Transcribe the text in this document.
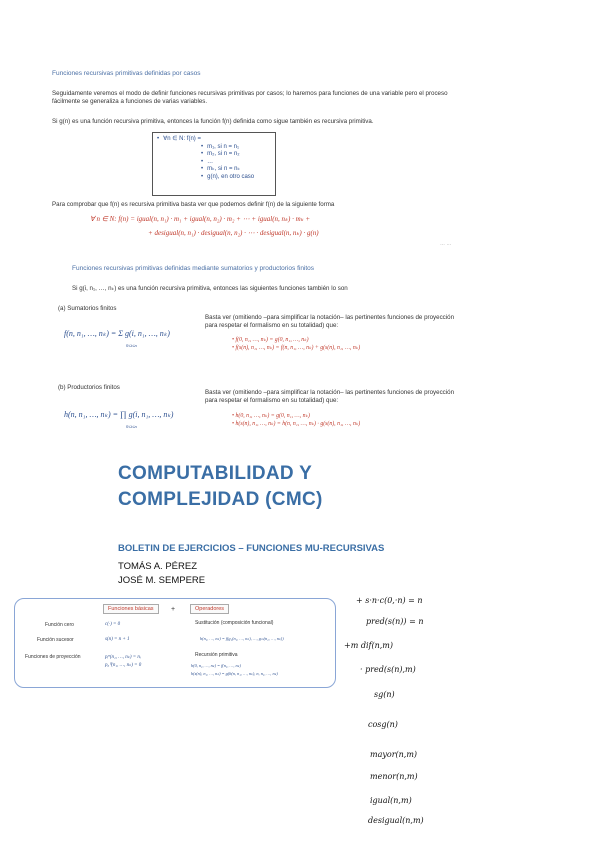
Funciones recursivas primitivas definidas por casos
Seguidamente veremos el modo de definir funciones recursivas primitivas por casos; lo haremos para funciones de una variable pero el proceso fácilmente se generaliza a funciones de varias variables.
Si g(n) es una función recursiva primitiva, entonces la función f(n) definida como sigue también es recursiva primitiva.
• ∀n ∈ N: f(n) =
• m₁, si n = n₁
• m₂, si n = n₂
• …
• mₖ, si n = nₖ
• g(n), en otro caso
Para comprobar que f(n) es recursiva primitiva basta ver que podemos definir f(n) de la siguiente forma
∀ n ∈ N: f(n) = igual(n, n₁) · m₁ + igual(n, n₂) · m₂ + ⋯ + igual(n, nₖ) · mₖ +
+ desigual(n, n₁) · desigual(n, n₂) · ⋯ · desigual(n, nₖ) · g(n)
… …
Funciones recursivas primitivas definidas mediante sumatorios y productorios finitos
Si g(i, n₁, …, nₖ) es una función recursiva primitiva, entonces las siguientes funciones también lo son
(a) Sumatorios finitos
f(n, n₁, …, nₖ) = Σ g(i, n₁, …, nₖ)
0≤i≤n
Basta ver (omitiendo –para simplificar la notación– las pertinentes funciones de proyección para respetar el formalismo en su totalidad) que:
• f(0, n₁, …, nₖ) = g(0, n₁, …, nₖ)
• f(s(n), n₁, …, nₖ) = f(n, n₁, …, nₖ) + g(s(n), n₁, …, nₖ)
(b) Productorios finitos
h(n, n₁, …, nₖ) = ∏ g(i, n₁, …, nₖ)
0≤i≤n
Basta ver (omitiendo –para simplificar la notación– las pertinentes funciones de proyección para respetar el formalismo en su totalidad) que:
• h(0, n₁, …, nₖ) = g(0, n₁, …, nₖ)
• h(s(n), n₁, …, nₖ) = h(n, n₁, …, nₖ) · g(s(n), n₁, …, nₖ)
COMPUTABILIDAD Y
COMPLEJIDAD (CMC)
BOLETIN DE EJERCICIOS – FUNCIONES MU-RECURSIVAS
TOMÁS A. PÉREZ
JOSÉ M. SEMPERE
Funciones básicas	+	Operadores
Función cero	c(·) = 0
Función sucesor	s(n) = n + 1
Funciones de proyección	pᵢⁿ(n₁, …, nₖ) = nᵢ
p₀⁰(n₁, …, nₖ) = 0
Sustitución (composición funcional)
h(n₁, …, nₖ) = f(g₁(n₁, …, nₖ), …, gₘ(n₁, …, nₖ))
Recursión primitiva
h(0, n₁, …, nₖ) = f(n₁, …, nₖ)
h(s(n), n₁, …, nₖ) = g(h(n, n₁, …, nₖ), n, n₁, …, nₖ)
+ s·n·c(0,·n) = n
pred(s(n)) = n
+m dif(n,m)
· pred(s(n),m)
sg(n)
cosg(n)
mayor(n,m)
menor(n,m)
igual(n,m)
desigual(n,m)
